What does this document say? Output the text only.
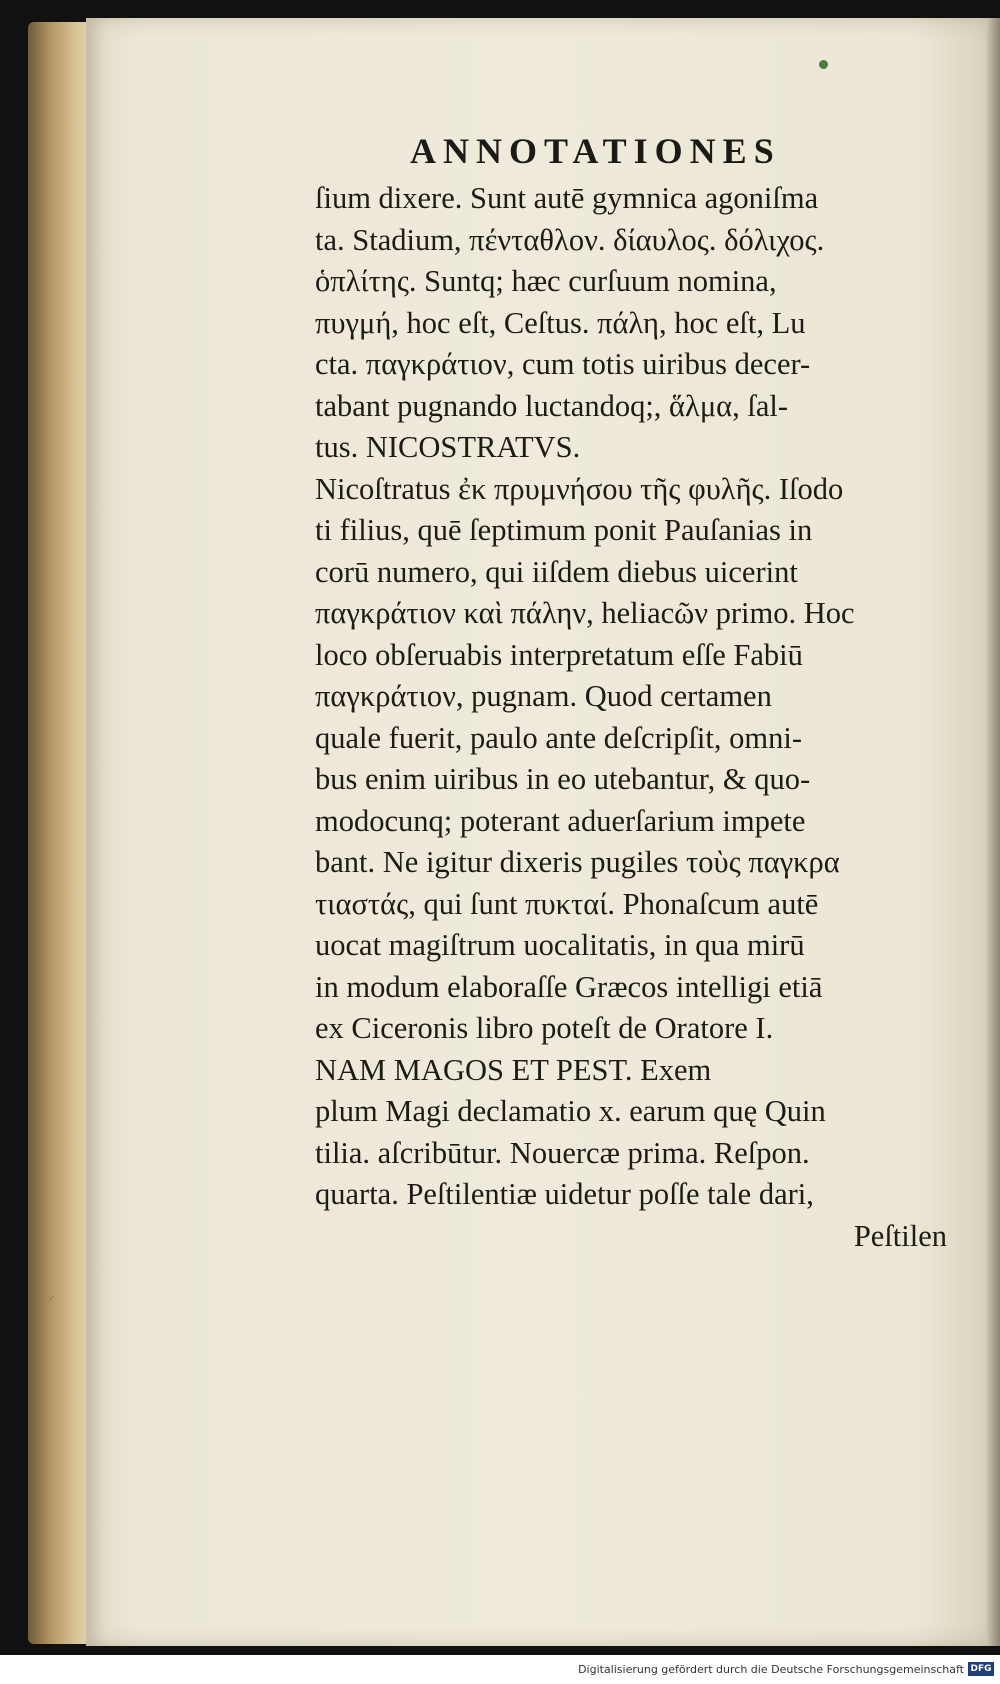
⸝
ANNOTATIONES
ſium dixere. Sunt autē gymnica agoniſma
ta. Stadium, πένταθλον. δίαυλος. δόλιχος.
ὁπλίτης. Suntq; hæc curſuum nomina,
πυγμή, hoc eſt, Ceſtus. πάλη, hoc eſt, Lu
cta. παγκράτιον, cum totis uiribus decer-
tabant pugnando luctandoq;, ἅλμα, ſal-
tus. NICOSTRATVS.
Nicoſtratus ἐκ πρυμνήσου τῆς φυλῆς. Iſodo
ti filius, quē ſeptimum ponit Pauſanias in
corū numero, qui iiſdem diebus uicerint
παγκράτιον καὶ πάλην, heliacῶν primo. Hoc
loco obſeruabis interpretatum eſſe Fabiū
παγκράτιον, pugnam. Quod certamen
quale fuerit, paulo ante deſcripſit, omni-
bus enim uiribus in eo utebantur, & quo-
modocunq; poterant aduerſarium impete
bant. Ne igitur dixeris pugiles τοὺς παγκρα
τιαστάς, qui ſunt πυκταί. Phonaſcum autē
uocat magiſtrum uocalitatis, in qua mirū
in modum elaboraſſe Græcos intelligi etiā
ex Ciceronis libro poteſt de Oratore I.
NAM MAGOS ET PEST. Exem
plum Magi declamatio x. earum quę Quin
tilia. aſcribūtur. Nouercæ prima. Reſpon.
quarta. Peſtilentiæ uidetur poſſe tale dari,
Peſtilen
Digitalisierung gefördert durch die Deutsche Forschungsgemeinschaft DFG
